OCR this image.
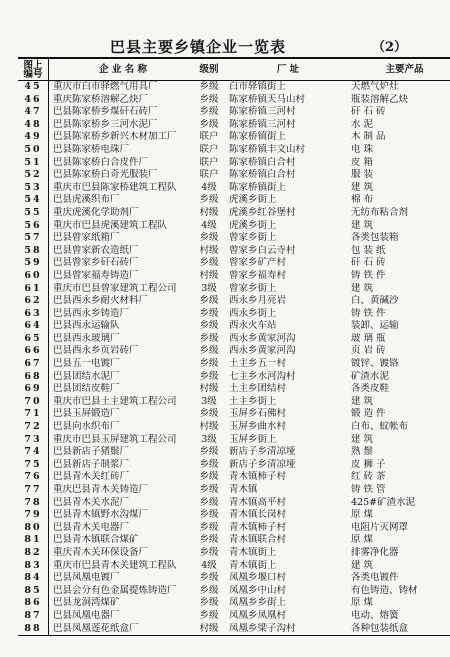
巴县主要乡镇企业一览表	（2）
图上
编号	企 业 名 称	级别	厂 址	主要产品
45	重庆市白市驿燃气用具厂	乡级	白市驿镇街上	天燃气炉灶
46	重庆陈家桥溶解乙炔厂	乡级	陈家桥镇天马山村	瓶装溶解乙炔
47	巴县陈家桥乡煤矸石砖厂	乡级	陈家桥镇三河村	矸 石 砖
48	巴县陈家桥乡三河水泥厂	乡级	陈家桥镇三河村	水 泥
49	巴县陈家桥乡新兴木材加工厂	联户	陈家桥镇街上	木 制 品
50	巴县陈家桥电珠厂	联户	陈家桥镇丰文山村	电 珠
51	巴县陈家桥白合皮件厂	联户	陈家桥镇白合村	皮 箱
52	巴县陈家桥白奇光服装厂	联户	陈家桥镇白合村	服 装
53	重庆市巴县陈家桥建筑工程队	4级	陈家桥镇街上	建 筑
54	巴县虎溪织布厂	乡级	虎溪乡街上	棉 布
55	重庆虎溪化学助剂厂	村级	虎溪乡红谷堡村	无纺布粘合剂
56	重庆市巴县虎溪建筑工程队	4级	虎溪乡街上	建 筑
57	巴县曾家纸箱厂	乡级	曾家乡街上	各类包装箱
58	巴县曾家新农造纸厂	村级	曾家乡白云寺村	包 装 纸
59	巴县曾家乡矸石砖厂	乡级	曾家乡矿产村	矸 石 砖
60	巴县曾家福寿铸造厂	村级	曾家乡福寿村	铸 铁 件
61	重庆市巴县曾家建筑工程公司	3级	曾家乡街上	建 筑
62	巴县西永乡耐火材料厂	乡级	西永乡月亮岩	白、黄碱沙
63	巴县西永乡铸造厂	乡级	西永乡街上	铸 铁 件
64	巴县西永运输队	乡级	西永火车站	装卸、运输
65	巴县西永玻璃厂	乡级	西永乡黄家河沟	玻 璃 瓶
66	巴县西永乡页岩砖厂	乡级	西永乡黄家河沟	页 岩 砖
67	巴县五一电镀厂	乡级	土主乡五一村	镀锌、镀铬
68	巴县团结水泥厂	乡级	七主乡水河沟村	矿渣水泥
69	巴县团结皮鞋厂	村级	土主乡团结村	各类皮鞋
70	重庆市巴县土主建筑工程公司	3级	土主乡街上	建 筑
71	巴县玉屏锻造厂	乡级	玉屏乡石佛村	锻 造 件
72	巴县向水织布厂	村级	玉屏乡曲水村	白布、蚊帐布
73	重庆市巴县玉屏建筑工程公司	3级	玉屏乡街上	建 筑
74	巴县新店子猪鬃厂	乡级	新店子乡清凉垭	熟 鬃
75	巴县新店子制浆厂	乡级	新店子乡清凉垭	皮 狮 子
76	巴县青木关红砖厂	乡级	青木镇柿子村	红 砖 茶
77	重庆巴县青木关铸造厂	乡级	青木镇	铸 铁 管
78	巴县青木关水泥厂	乡级	青木镇高平村	425#矿渣水泥
79	巴县青木镇野水沟煤厂	乡级	青木镇长岗村	原 煤
80	巴县青木关电器厂	乡级	青木镇柿子村	电阻片灭网罩
81	巴县青木镇联合煤矿	乡级	青木镇联合村	原 煤
82	重庆青木关环保设备厂	乡级	青木镇街上	排雾净化器
83	重庆市巴县青木关建筑工程队	4级	青木镇街上	建 筑
84	巴县凤凰电镀厂	乡级	凤凰乡堰口村	各类电镀件
85	巴县会分有色金属提炼铸造厂	乡级	凤凰乡中山村	有色铸造、铸材
86	巴县龙洞湾煤矿	乡级	凤凰乡乡街上	原 煤
87	巴县凤凰电器厂	乡级	凤凰乡凤凰村	电动、熔簧
88	巴县凤凰莲花纸盒厂	村级	凤凰乡梁子沟村	各种包装纸盒
